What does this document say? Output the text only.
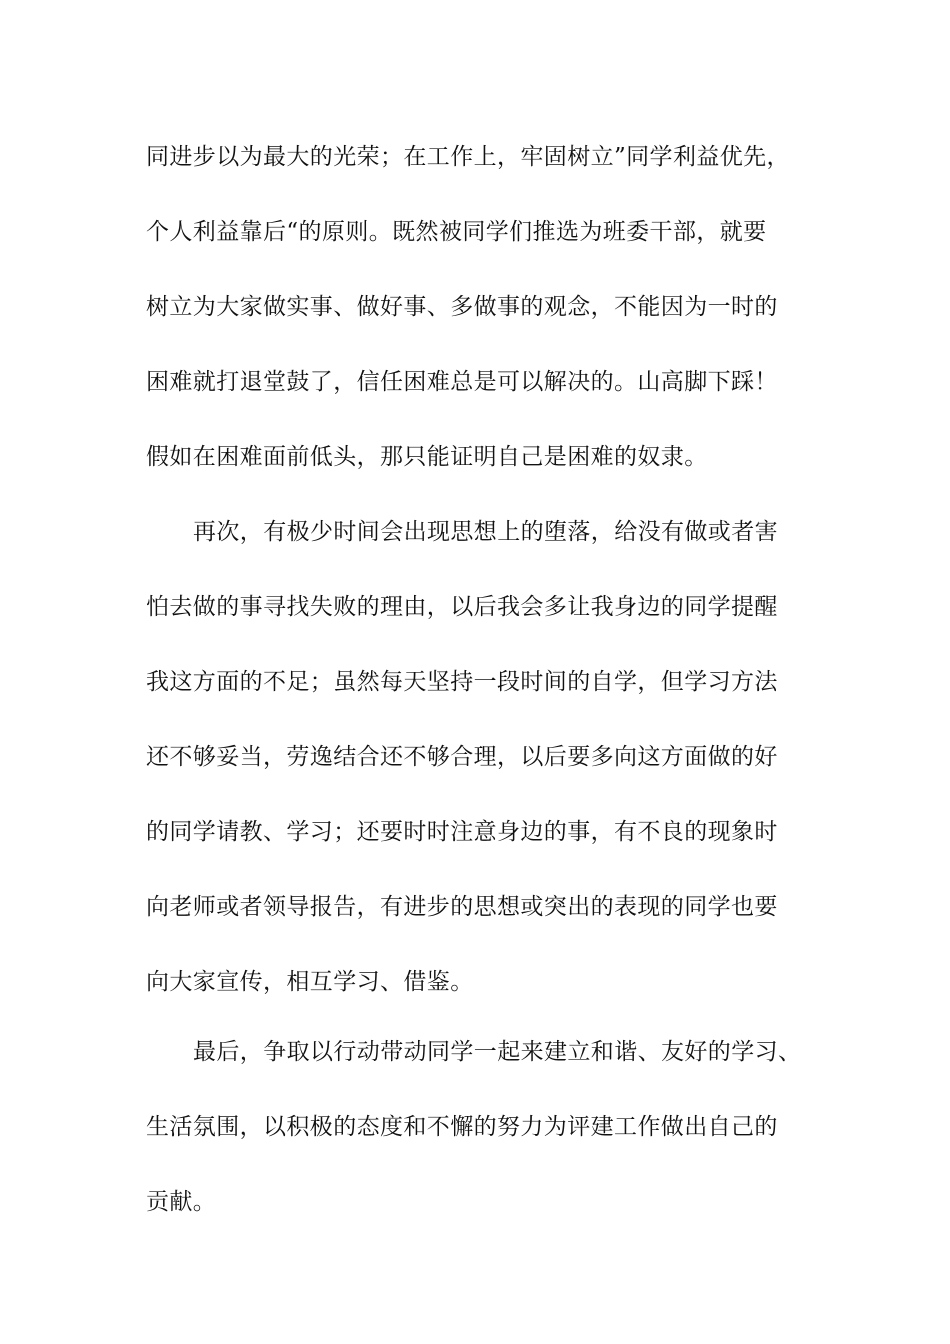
同进步以为最大的光荣；在工作上，牢固树立”同学利益优先，
个人利益靠后“的原则。既然被同学们推选为班委干部，就要
树立为大家做实事、做好事、多做事的观念，不能因为一时的
困难就打退堂鼓了，信任困难总是可以解决的。山高脚下踩！
假如在困难面前低头，那只能证明自己是困难的奴隶。
再次，有极少时间会出现思想上的堕落，给没有做或者害
怕去做的事寻找失败的理由，以后我会多让我身边的同学提醒
我这方面的不足；虽然每天坚持一段时间的自学，但学习方法
还不够妥当，劳逸结合还不够合理，以后要多向这方面做的好
的同学请教、学习；还要时时注意身边的事，有不良的现象时
向老师或者领导报告，有进步的思想或突出的表现的同学也要
向大家宣传，相互学习、借鉴。
最后，争取以行动带动同学一起来建立和谐、友好的学习、
生活氛围，以积极的态度和不懈的努力为评建工作做出自己的
贡献。
